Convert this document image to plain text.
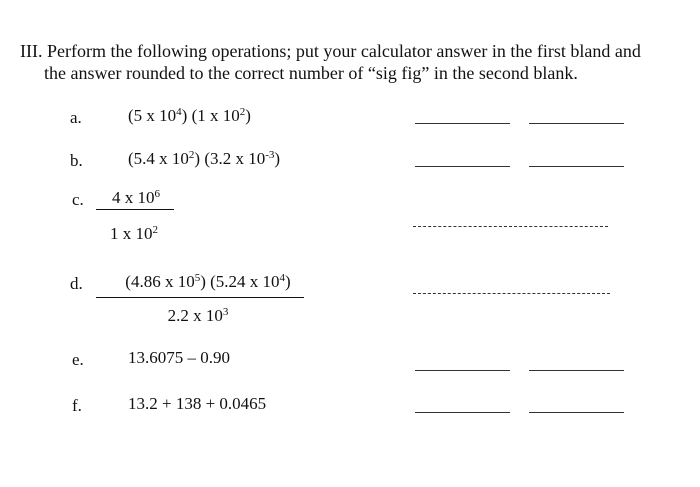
III. Perform the following operations; put your calculator answer in the first bland and
the answer rounded to the correct number of “sig fig” in the second blank.
a.	(5 x $10^4$) (1 x $10^2$)
b.	(5.4 x $10^2$) (3.2 x $10^{-3}$)
c. 4 x $10^6$
1 x $10^2$
d.	(4.86 x $10^5$) (5.24 x $10^4$)
2.2 x $10^3$
e.	13.6075 – 0.90
f.	13.2 + 138 + 0.0465
